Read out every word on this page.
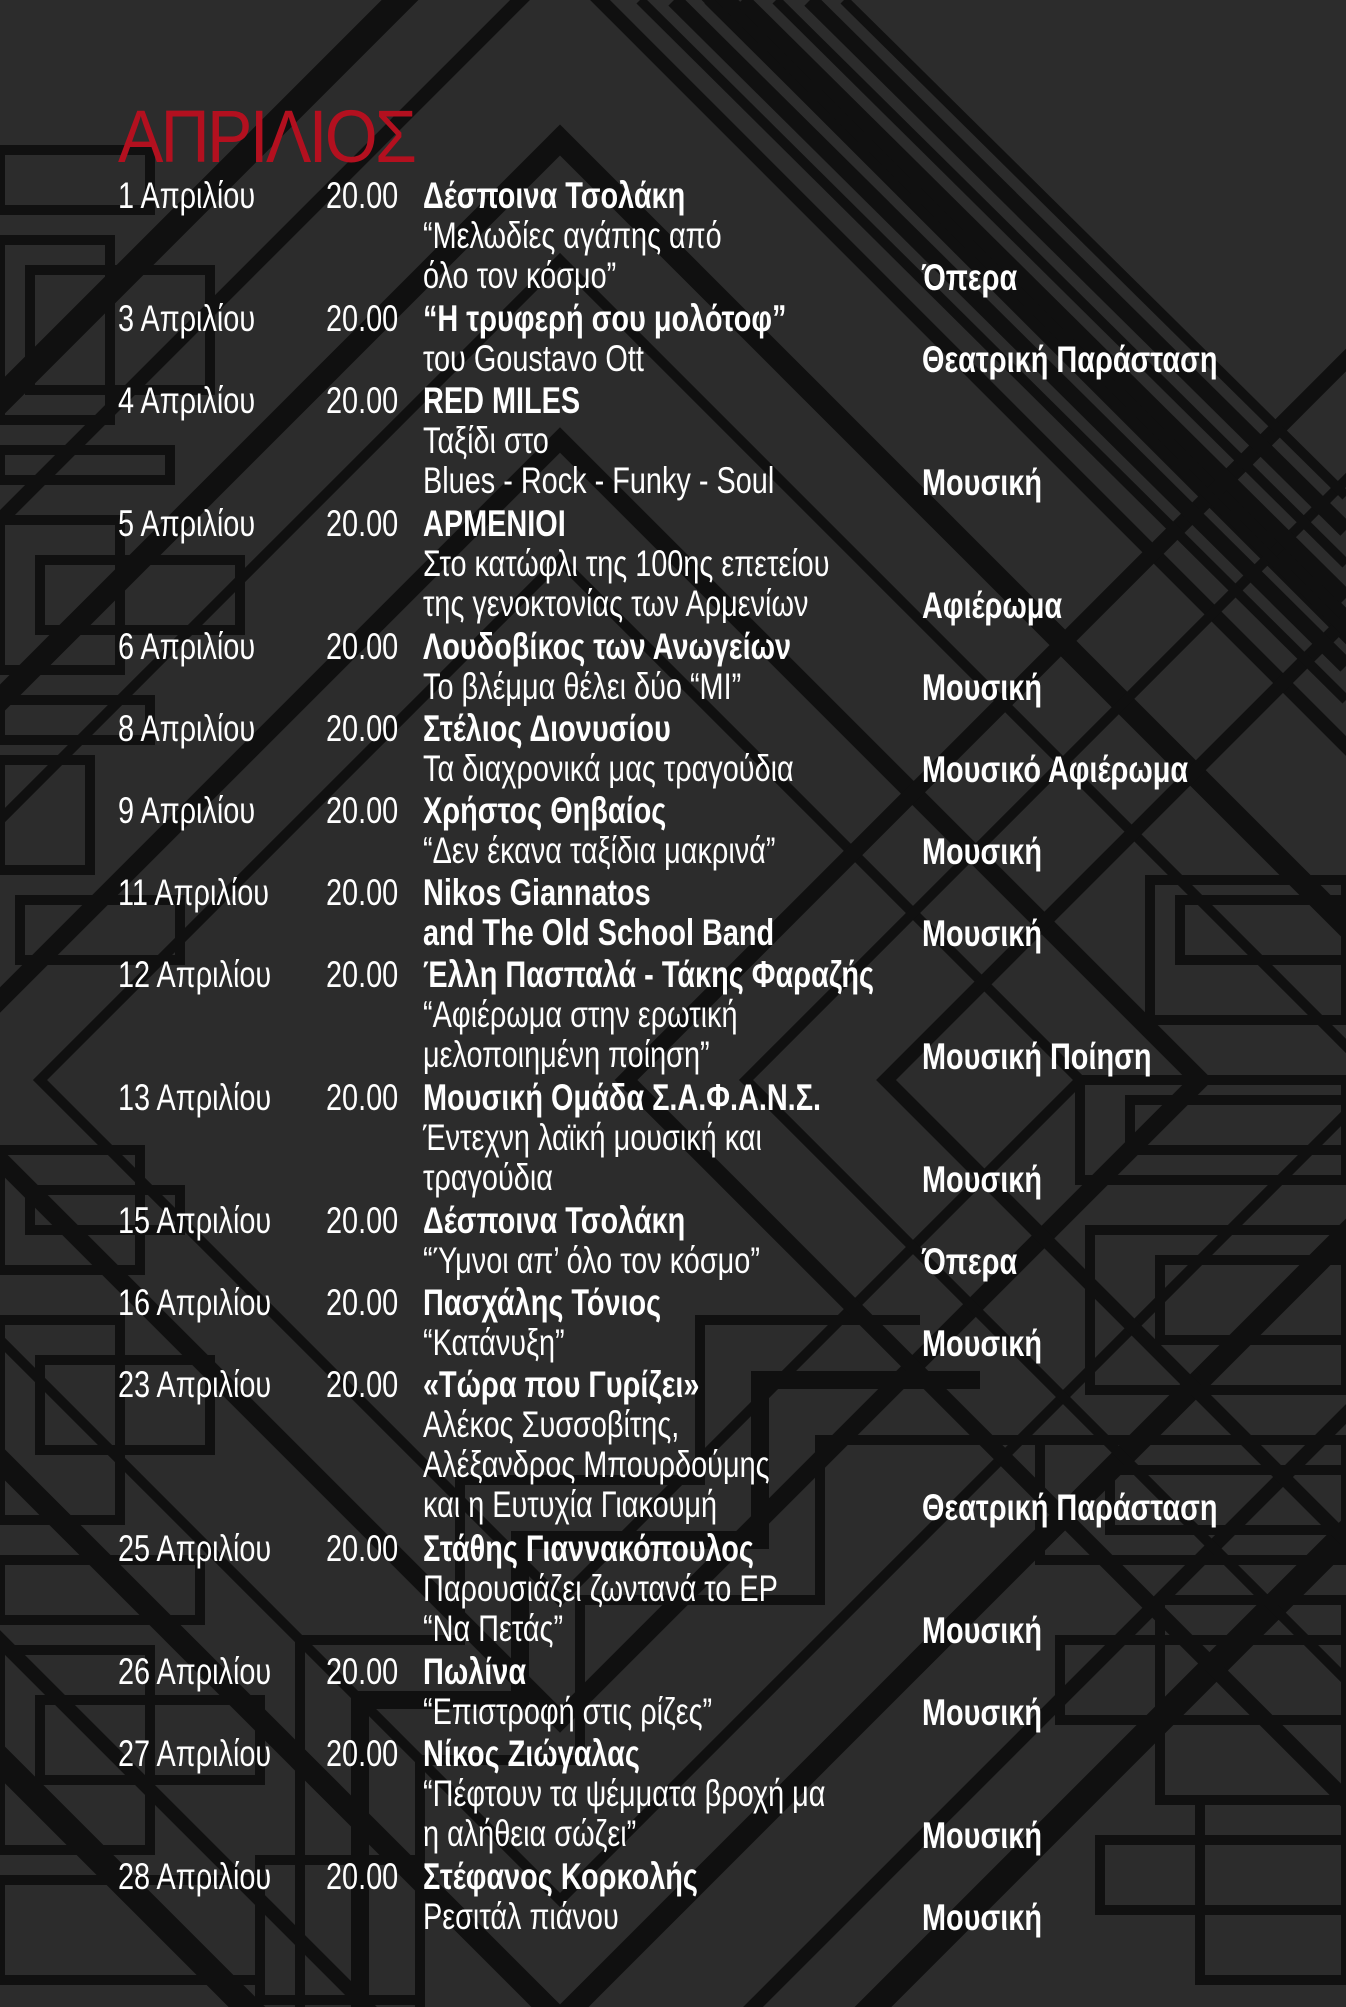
ΑΠΡΙΛΙΟΣ
1 Απριλίου 20.00 Δέσποινα Τσολάκη
“Μελωδίες αγάπης από
όλο τον κόσμο”	Όπερα
3 Απριλίου 20.00 “Η τρυφερή σου μολότοφ”
του Goustavo Ott	Θεατρική Παράσταση
4 Απριλίου 20.00 RED MILES
Ταξίδι στο
Blues - Rock - Funky - Soul	Μουσική
5 Απριλίου 20.00 ΑΡΜΕΝΙΟΙ
Στο κατώφλι της 100ης επετείου
της γενοκτονίας των Αρμενίων	Αφιέρωμα
6 Απριλίου 20.00 Λουδοβίκος των Ανωγείων
Το βλέμμα θέλει δύο “ΜΙ”	Μουσική
8 Απριλίου 20.00 Στέλιος Διονυσίου
Τα διαχρονικά μας τραγούδια	Μουσικό Αφιέρωμα
9 Απριλίου 20.00 Χρήστος Θηβαίος
“Δεν έκανα ταξίδια μακρινά”	Μουσική
11 Απριλίου 20.00 Nikos Giannatos
and The Old School Band	Μουσική
12 Απριλίου 20.00 Έλλη Πασπαλά - Τάκης Φαραζής
“Αφιέρωμα στην ερωτική
μελοποιημένη ποίηση”	Μουσική Ποίηση
13 Απριλίου 20.00 Μουσική Ομάδα Σ.Α.Φ.Α.Ν.Σ.
Έντεχνη λαϊκή μουσική και
τραγούδια	Μουσική
15 Απριλίου 20.00 Δέσποινα Τσολάκη
“Ύμνοι απ’ όλο τον κόσμο”	Όπερα
16 Απριλίου 20.00 Πασχάλης Τόνιος
“Κατάνυξη”	Μουσική
23 Απριλίου 20.00 «Τώρα που Γυρίζει»
Αλέκος Συσσοβίτης,
Αλέξανδρος Μπουρδούμης
και η Ευτυχία Γιακουμή	Θεατρική Παράσταση
25 Απριλίου 20.00 Στάθης Γιαννακόπουλος
Παρουσιάζει ζωντανά το EP
“Να Πετάς”	Μουσική
26 Απριλίου 20.00 Πωλίνα
“Επιστροφή στις ρίζες”	Μουσική
27 Απριλίου 20.00 Νίκος Ζιώγαλας
“Πέφτουν τα ψέμματα βροχή μα
η αλήθεια σώζει”	Μουσική
28 Απριλίου 20.00 Στέφανος Κορκολής
Ρεσιτάλ πιάνου	Μουσική
